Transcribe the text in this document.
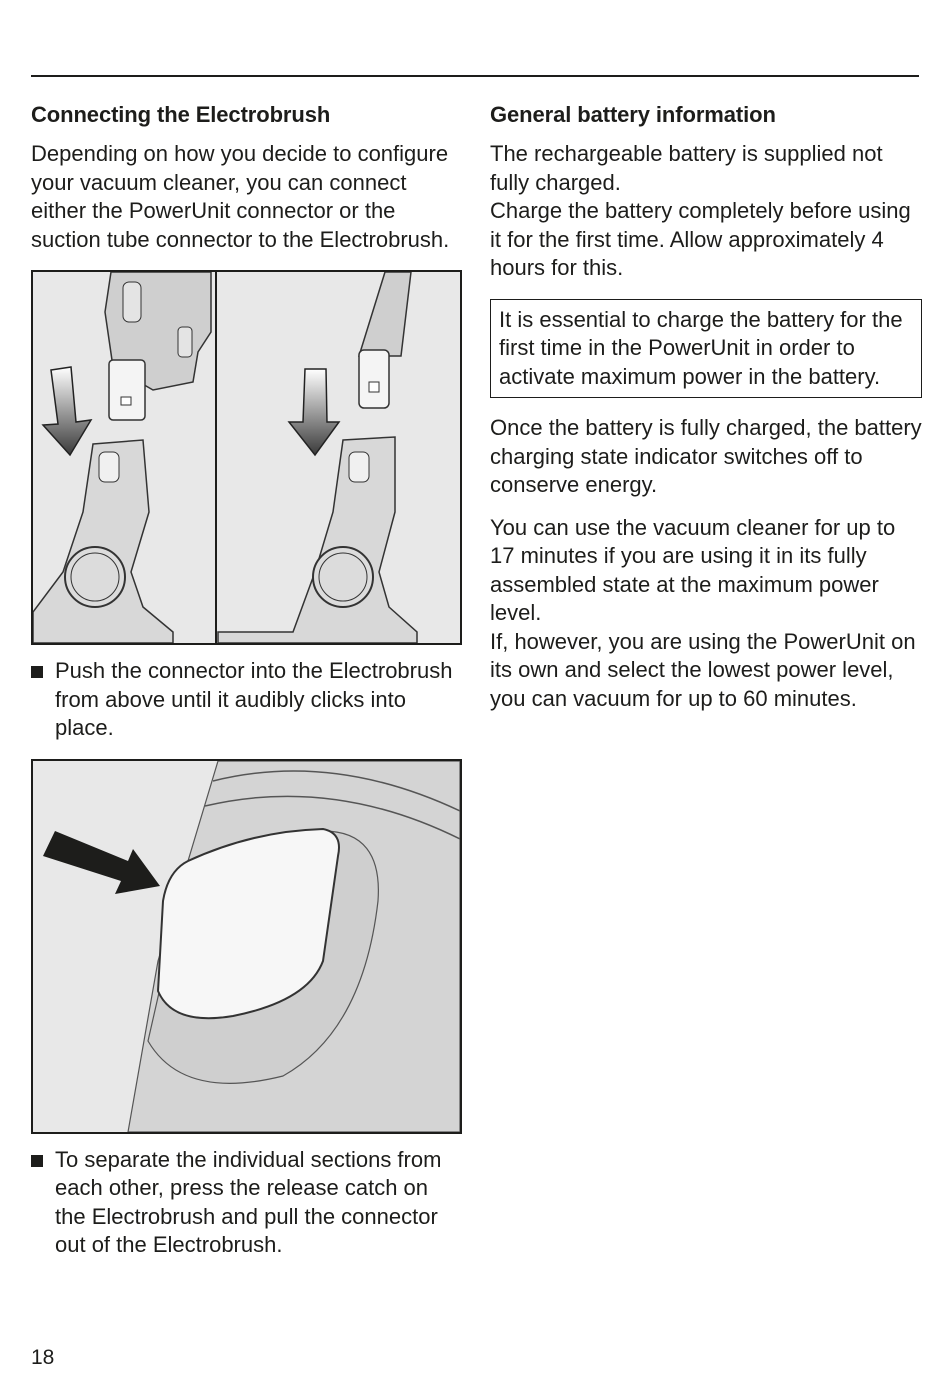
Connecting the Electrobrush

Depending on how you decide to configure your vacuum cleaner, you can connect either the PowerUnit connector or the suction tube connector to the Electrobrush.

Push the connector into the Electrobrush from above until it audibly clicks into place.

To separate the individual sections from each other, press the release catch on the Electrobrush and pull the connector out of the Electrobrush.

General battery information

The rechargeable battery is supplied not fully charged.

Charge the battery completely before using it for the first time. Allow approximately 4 hours for this.

It is essential to charge the battery for the first time in the PowerUnit in order to activate maximum power in the battery.

Once the battery is fully charged, the battery charging state indicator switches off to conserve energy.

You can use the vacuum cleaner for up to 17 minutes if you are using it in its fully assembled state at the maximum power level.

If, however, you are using the PowerUnit on its own and select the lowest power level, you can vacuum for up to 60 minutes.

18
